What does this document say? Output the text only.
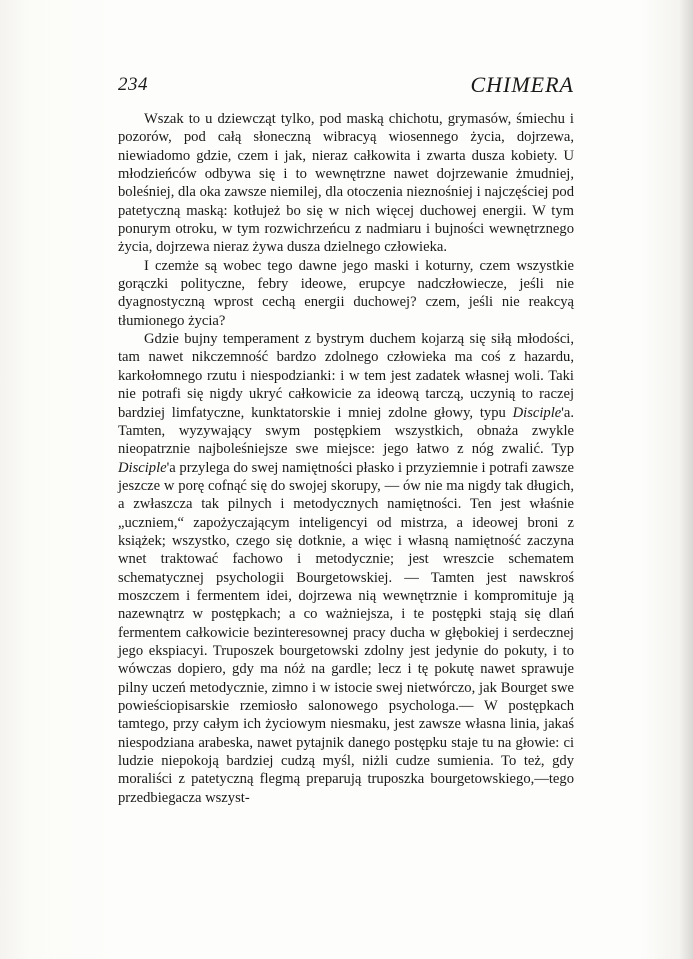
234	CHIMERA

Wszak to u dziewcząt tylko, pod maską chichotu, grymasów, śmiechu i pozorów, pod całą słoneczną wibracyą wiosennego życia, dojrzewa, niewiadomo gdzie, czem i jak, nieraz całkowita i zwarta dusza kobiety. U młodzieńców odbywa się i to wewnętrzne nawet dojrzewanie żmudniej, boleśniej, dla oka zawsze niemilej, dla otoczenia nieznośniej i najczęściej pod patetyczną maską: kotłujeż bo się w nich więcej duchowej energii. W tym ponurym otroku, w tym rozwichrzeńcu z nadmiaru i bujności wewnętrznego życia, dojrzewa nieraz żywa dusza dzielnego człowieka.

I czemże są wobec tego dawne jego maski i koturny, czem wszystkie gorączki polityczne, febry ideowe, erupcye nadczłowiecze, jeśli nie dyagnostyczną wprost cechą energii duchowej? czem, jeśli nie reakcyą tłumionego życia?

Gdzie bujny temperament z bystrym duchem kojarzą się siłą młodości, tam nawet nikczemność bardzo zdolnego człowieka ma coś z hazardu, karkołomnego rzutu i niespodzianki: i w tem jest zadatek własnej woli. Taki nie potrafi się nigdy ukryć całkowicie za ideową tarczą, uczynią to raczej bardziej limfatyczne, kunktatorskie i mniej zdolne głowy, typu Disciple'a. Tamten, wyzywający swym postępkiem wszystkich, obnaża zwykle nieopatrznie najboleśniejsze swe miejsce: jego łatwo z nóg zwalić. Typ Disciple'a przylega do swej namiętności płasko i przyziemnie i potrafi zawsze jeszcze w porę cofnąć się do swojej skorupy, — ów nie ma nigdy tak długich, a zwłaszcza tak pilnych i metodycznych namiętności. Ten jest właśnie „uczniem,“ zapożyczającym inteligencyi od mistrza, a ideowej broni z książek; wszystko, czego się dotknie, a więc i własną namiętność zaczyna wnet traktować fachowo i metodycznie; jest wreszcie schematem schematycznej psychologii Bourgetowskiej. — Tamten jest nawskroś moszczem i fermentem idei, dojrzewa nią wewnętrznie i kompromituje ją nazewnątrz w postępkach; a co ważniejsza, i te postępki stają się dlań fermentem całkowicie bezinteresownej pracy ducha w głębokiej i serdecznej jego ekspiacyi. Truposzek bourgetowski zdolny jest jedynie do pokuty, i to wówczas dopiero, gdy ma nóż na gardle; lecz i tę pokutę nawet sprawuje pilny uczeń metodycznie, zimno i w istocie swej nietwórczo, jak Bourget swe powieściopisarskie rzemiosło salonowego psychologa.— W postępkach tamtego, przy całym ich życiowym niesmaku, jest zawsze własna linia, jakaś niespodziana arabeska, nawet pytajnik danego postępku staje tu na głowie: ci ludzie niepokoją bardziej cudzą myśl, niżli cudze sumienia. To też, gdy moraliści z patetyczną flegmą preparują truposzka bourgetowskiego,—tego przedbiegacza wszyst-
